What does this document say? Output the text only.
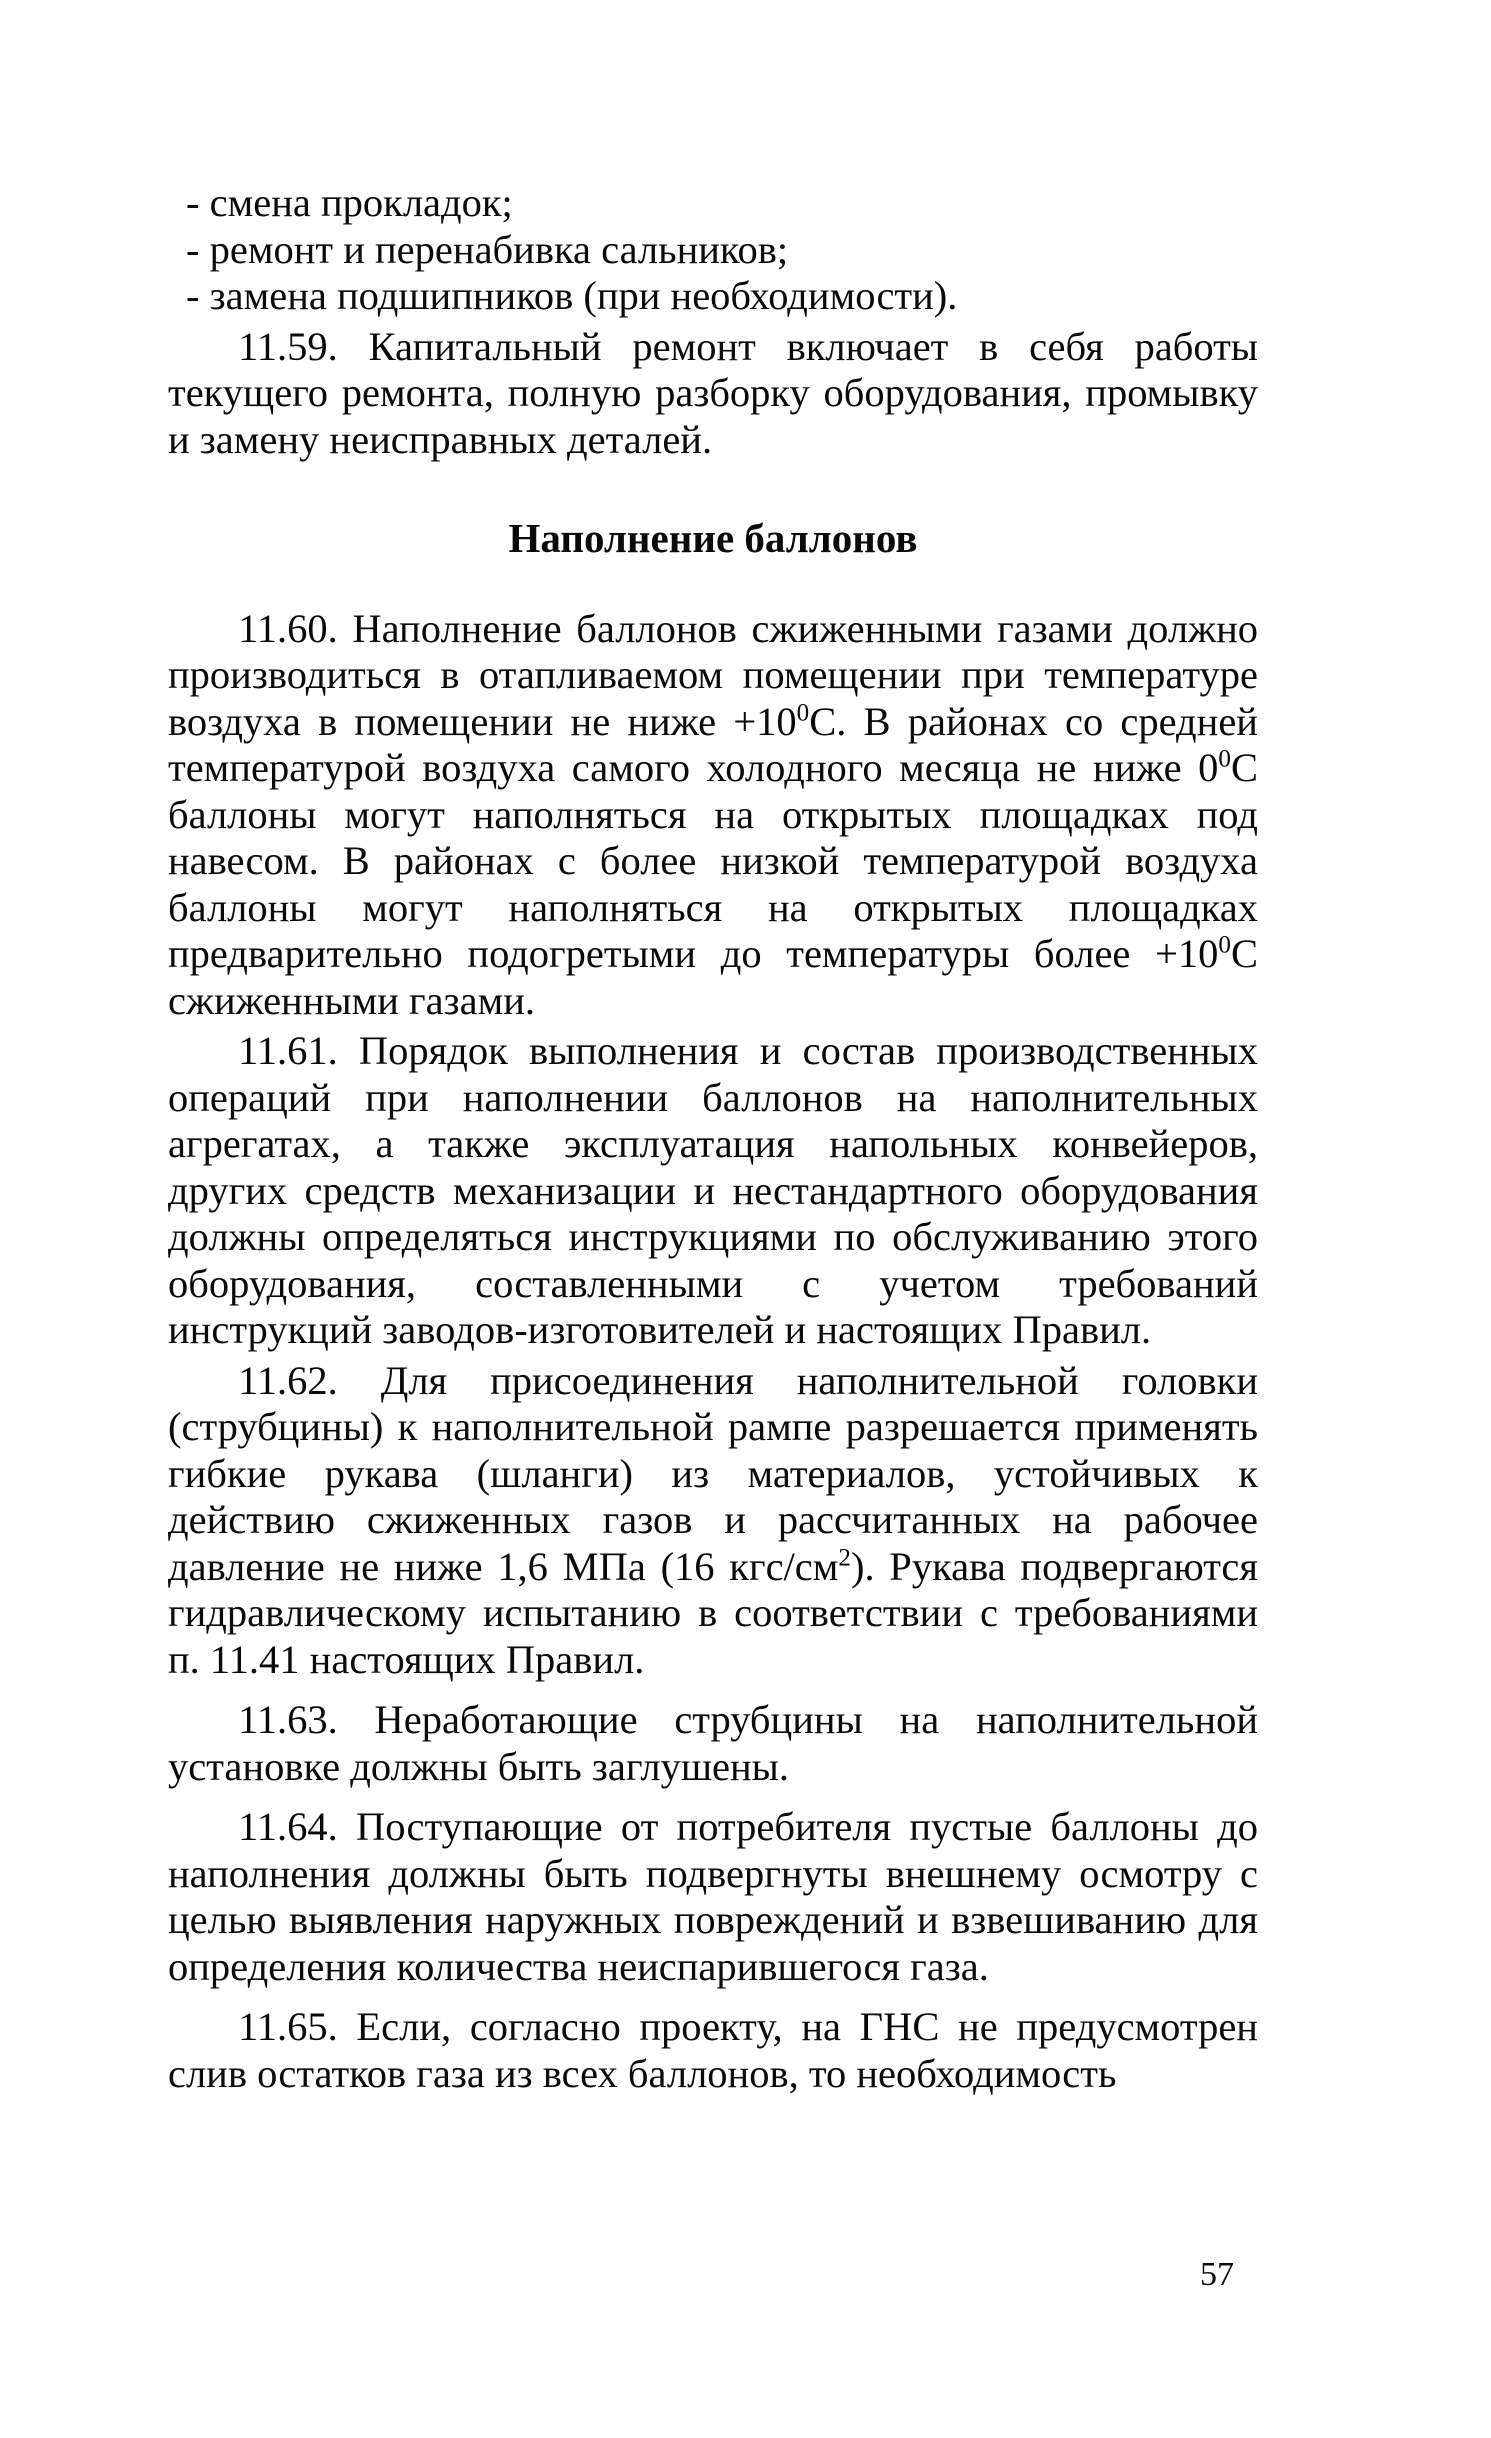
- смена прокладок;

- ремонт и перенабивка сальников;

- замена подшипников (при необходимости).

11.59. Капитальный ремонт включает в себя работы текущего ремонта, полную разборку оборудования, промывку и замену неисправных деталей.

Наполнение баллонов

11.60. Наполнение баллонов сжиженными газами должно производиться в отапливаемом помещении при температуре воздуха в помещении не ниже $+10^0С$. В районах со средней температурой воздуха самого холодного месяца не ниже $0^0С$ баллоны могут наполняться на открытых площадках под навесом. В районах с более низкой температурой воздуха баллоны могут наполняться на открытых площадках предварительно подогретыми до температуры более $+10^0С$ сжиженными газами.

11.61. Порядок выполнения и состав производственных операций при наполнении баллонов на наполнительных агрегатах, а также эксплуатация напольных конвейеров, других средств механизации и нестандартного оборудования должны определяться инструкциями по обслуживанию этого оборудования, составленными с учетом требований инструкций заводов-изготовителей и настоящих Правил.

11.62. Для присоединения наполнительной головки (струбцины) к наполнительной рампе разрешается применять гибкие рукава (шланги) из материалов, устойчивых к действию сжиженных газов и рассчитанных на рабочее давление не ниже 1,6 МПа (16 кгс/$см^2$). Рукава подвергаются гидравлическому испытанию в соответствии с требованиями п. 11.41 настоящих Правил.

11.63. Неработающие струбцины на наполнительной установке должны быть заглушены.

11.64. Поступающие от потребителя пустые баллоны до наполнения должны быть подвергнуты внешнему осмотру с целью выявления наружных повреждений и взвешиванию для определения количества неиспарившегося газа.

11.65. Если, согласно проекту, на ГНС не предусмотрен слив остатков газа из всех баллонов, то необходимость

57
